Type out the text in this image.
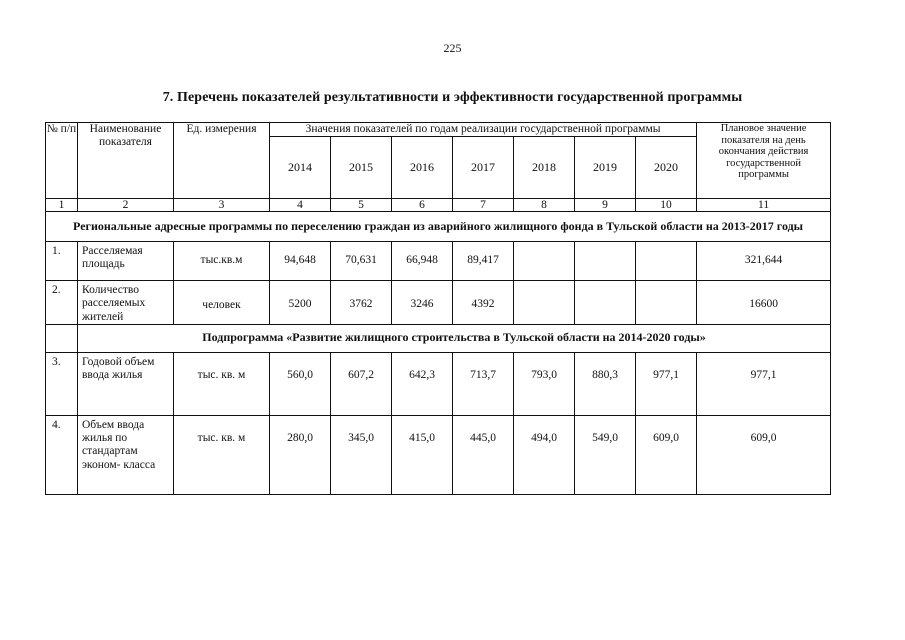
225
7. Перечень показателей результативности и эффективности государственной программы
№ п/п	Наименование показателя	Ед. измерения	Значения показателей по годам реализации государственной программы							Плановое значение показателя на день окончания действия государственной программы
			2014	2015	2016	2017	2018	2019	2020	
1	2	3	4	5	6	7	8	9	10	11
Региональные адресные программы по переселению граждан из аварийного жилищного фонда в Тульской области на 2013-2017 годы										
1.	Расселяемая площадь	тыс.кв.м	94,648	70,631	66,948	89,417				321,644
2.	Количество расселяемых жителей	человек	5200	3762	3246	4392				16600
	Подпрограмма «Развитие жилищного строительства в Тульской области на 2014-2020 годы»									
3.	Годовой объем ввода жилья	тыс. кв. м	560,0	607,2	642,3	713,7	793,0	880,3	977,1	977,1
4.	Объем ввода жилья по стандартам эконом- класса	тыс. кв. м	280,0	345,0	415,0	445,0	494,0	549,0	609,0	609,0
